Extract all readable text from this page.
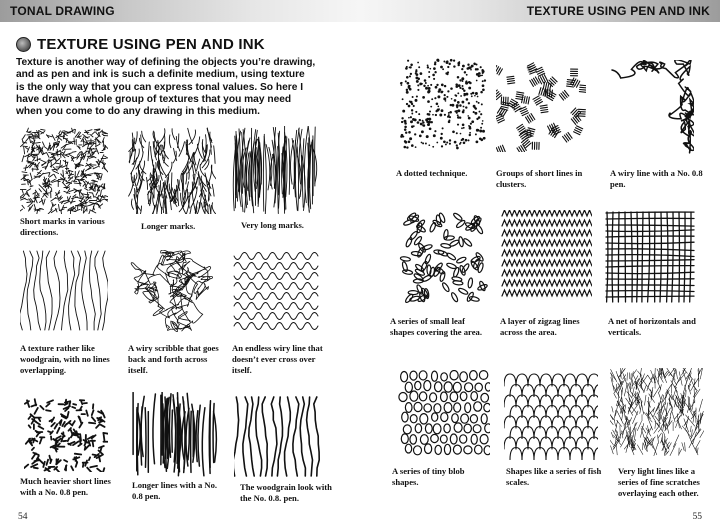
TONAL DRAWING
TEXTURE USING PEN AND INK
Texture is another way of defining the objects you’re drawing, and as pen and ink is such a definite medium, using texture is the only way that you can express tonal values. So here I have drawn a whole group of textures that you may need when you come to do any drawing in this medium.
Short marks in various directions.
Longer marks.	Very long marks.
A texture rather like woodgrain, with no lines overlapping.
A wiry scribble that goes back and forth across itself.
An endless wiry line that doesn’t ever cross over itself.
Much heavier short lines with a No. 0.8 pen.
Longer lines with a No. 0.8 pen.
The woodgrain look with the No. 0.8. pen.
54
TEXTURE USING PEN AND INK
A dotted technique.	Groups of short lines in clusters.
A wiry line with a No. 0.8 pen.
A series of small leaf shapes covering the area.
A layer of zigzag lines across the area.
A net of horizontals and verticals.
A series of tiny blob shapes.
Shapes like a series of fish scales.
Very light lines like a series of fine scratches overlaying each other.
55
